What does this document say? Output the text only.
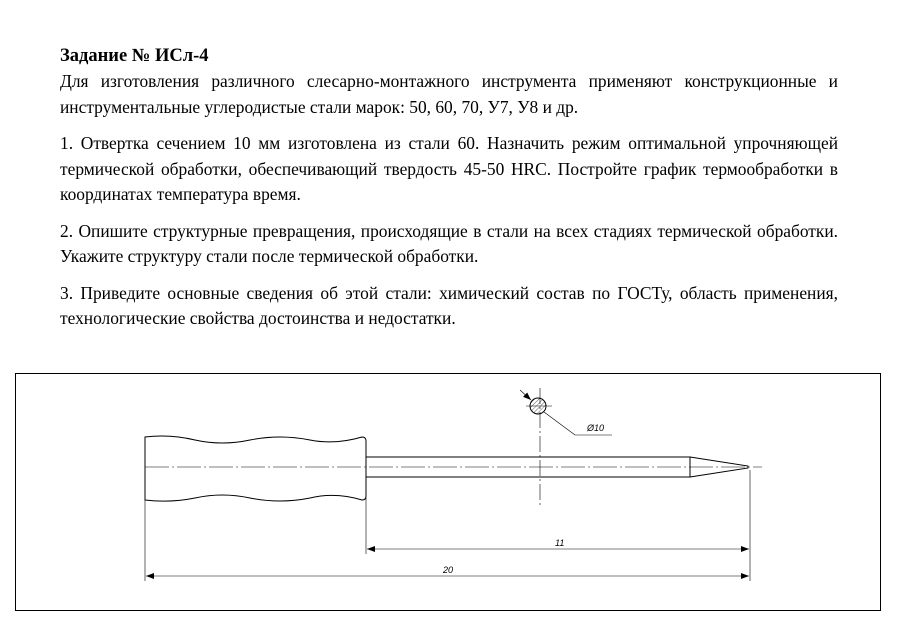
Задание № ИСл-4

Для изготовления различного слесарно-монтажного инструмента применяют конструкционные и инструментальные углеродистые стали марок: 50, 60, 70, У7, У8 и др.

1. Отвертка сечением 10 мм изготовлена из стали 60. Назначить режим оптимальной упрочняющей термической обработки, обеспечивающий твердость 45-50 HRC. Постройте график термообработки в координатах температура время.

2. Опишите структурные превращения, происходящие в стали на всех стадиях термической обработки. Укажите структуру стали после термической обработки.

3. Приведите основные сведения об этой стали: химический состав по ГОСТу, область применения, технологические свойства достоинства и недостатки.

Ø10
11
20
